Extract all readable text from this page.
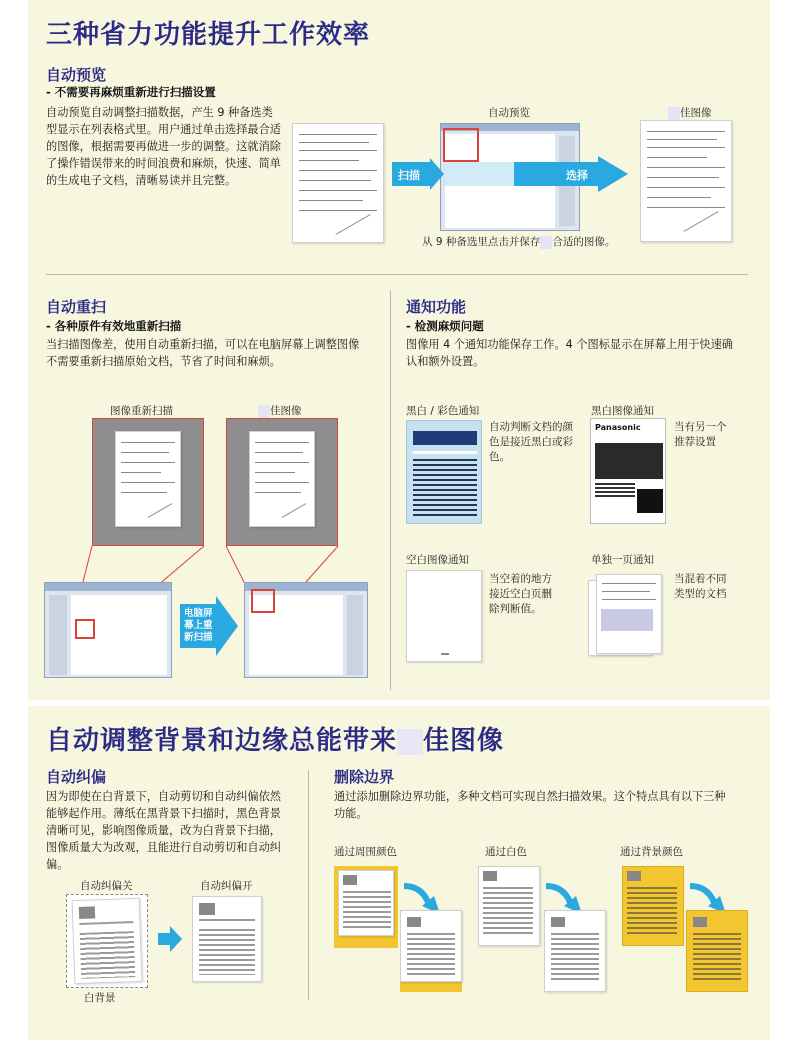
三种省力功能提升工作效率
自动预览
- 不需要再麻烦重新进行扫描设置
自动预览自动调整扫描数据，产生 9 种备选类型显示在列表格式里。用户通过单击选择最合适的图像，根据需要再做进一步的调整。这就消除了操作错误带来的时间浪费和麻烦，快速、简单的生成电子文档，清晰易读并且完整。
自动预览	佳图像
扫描	选择
从 9 种备选里点击并保存 合适的图像。
自动重扫
- 各种原件有效地重新扫描
当扫描图像差，使用自动重新扫描，可以在电脑屏幕上调整图像不需要重新扫描原始文档，节省了时间和麻烦。
图像重新扫描	佳图像
电脑屏幕上重新扫描
通知功能
- 检测麻烦问题
图像用 4 个通知功能保存工作。4 个图标显示在屏幕上用于快速确认和额外设置。
黑白 / 彩色通知
自动判断文档的颜色是接近黑白或彩色。
黑白图像通知
Panasonic	当有另一个推荐设置
空白图像通知
当空着的地方接近空白页删除判断值。
单独一页通知
当混着不同类型的文档
自动调整背景和边缘总能带来 佳图像
自动纠偏
因为即使在白背景下，自动剪切和自动纠偏依然能够起作用。薄纸在黑背景下扫描时，黑色背景清晰可见，影响图像质量，改为白背景下扫描，图像质量大为改观，且能进行自动剪切和自动纠偏。
自动纠偏关	自动纠偏开
白背景
删除边界
通过添加删除边界功能，多种文档可实现自然扫描效果。这个特点具有以下三种功能。
通过周围颜色	通过白色	通过背景颜色
